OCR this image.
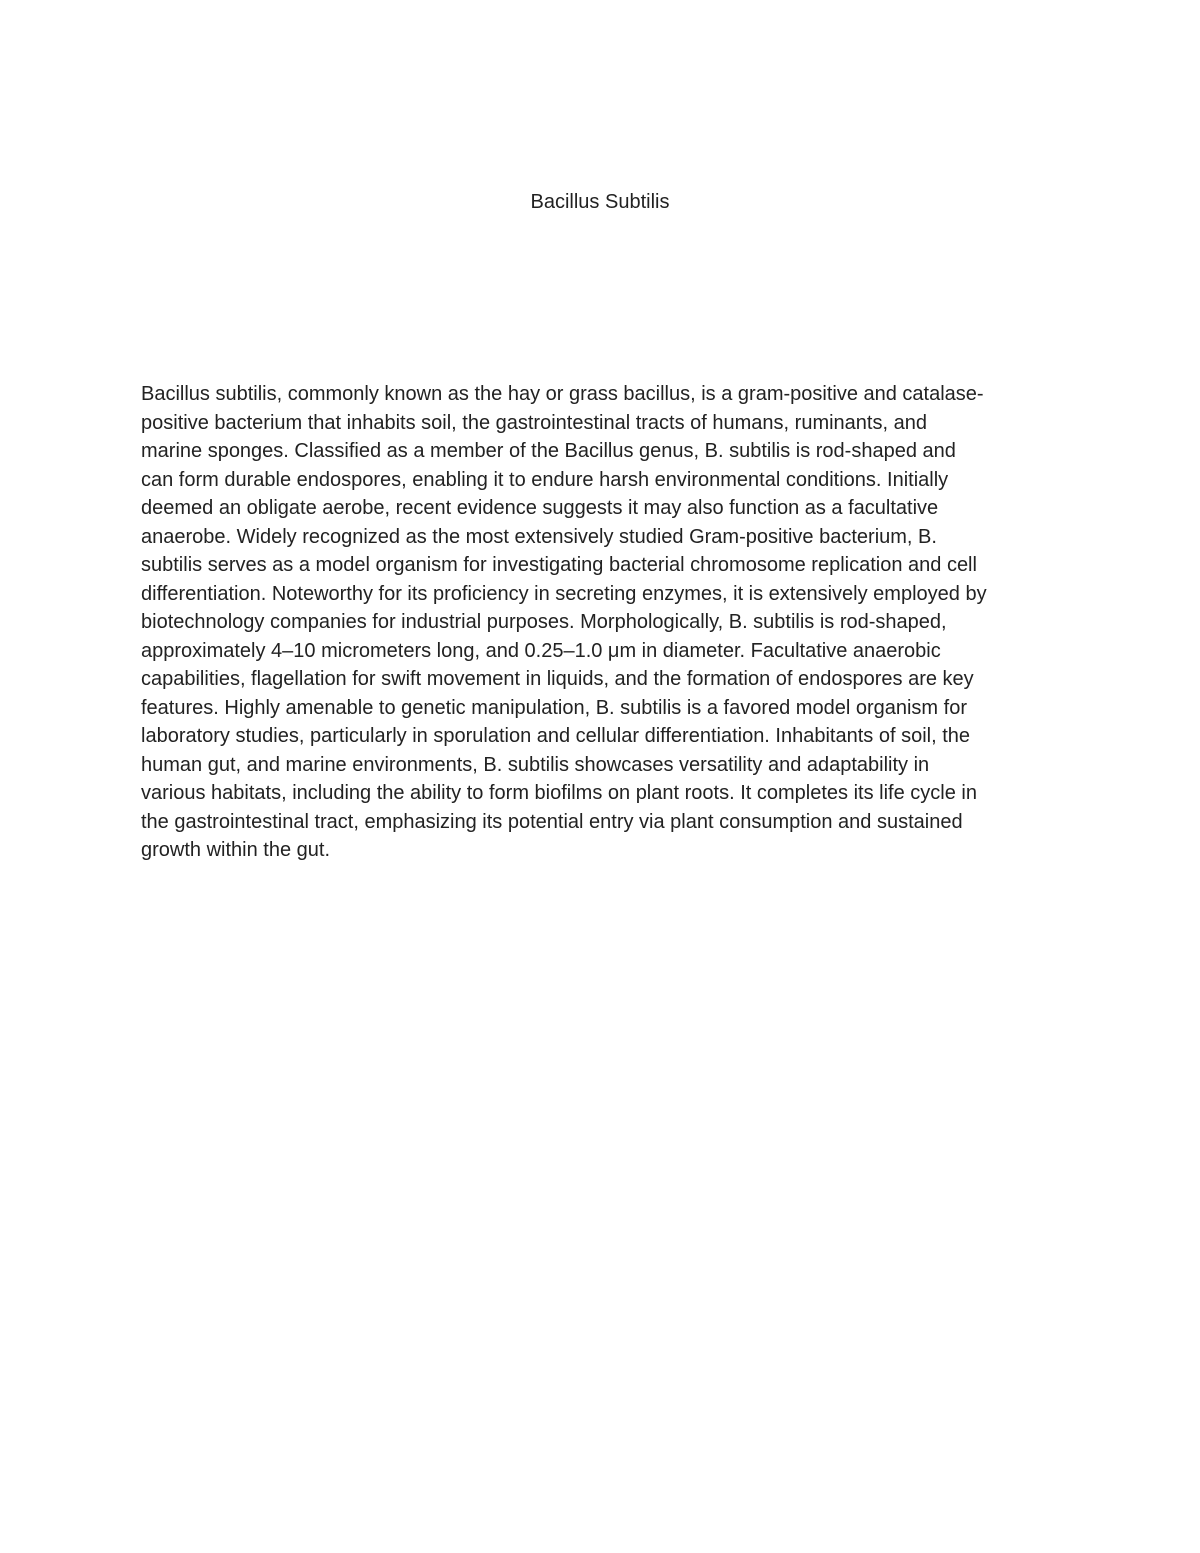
Bacillus Subtilis
Bacillus subtilis, commonly known as the hay or grass bacillus, is a gram-positive and catalase-
positive bacterium that inhabits soil, the gastrointestinal tracts of humans, ruminants, and
marine sponges. Classified as a member of the Bacillus genus, B. subtilis is rod-shaped and
can form durable endospores, enabling it to endure harsh environmental conditions. Initially
deemed an obligate aerobe, recent evidence suggests it may also function as a facultative
anaerobe. Widely recognized as the most extensively studied Gram-positive bacterium, B.
subtilis serves as a model organism for investigating bacterial chromosome replication and cell
differentiation. Noteworthy for its proficiency in secreting enzymes, it is extensively employed by
biotechnology companies for industrial purposes. Morphologically, B. subtilis is rod-shaped,
approximately 4–10 micrometers long, and 0.25–1.0 μm in diameter. Facultative anaerobic
capabilities, flagellation for swift movement in liquids, and the formation of endospores are key
features. Highly amenable to genetic manipulation, B. subtilis is a favored model organism for
laboratory studies, particularly in sporulation and cellular differentiation. Inhabitants of soil, the
human gut, and marine environments, B. subtilis showcases versatility and adaptability in
various habitats, including the ability to form biofilms on plant roots. It completes its life cycle in
the gastrointestinal tract, emphasizing its potential entry via plant consumption and sustained
growth within the gut.
